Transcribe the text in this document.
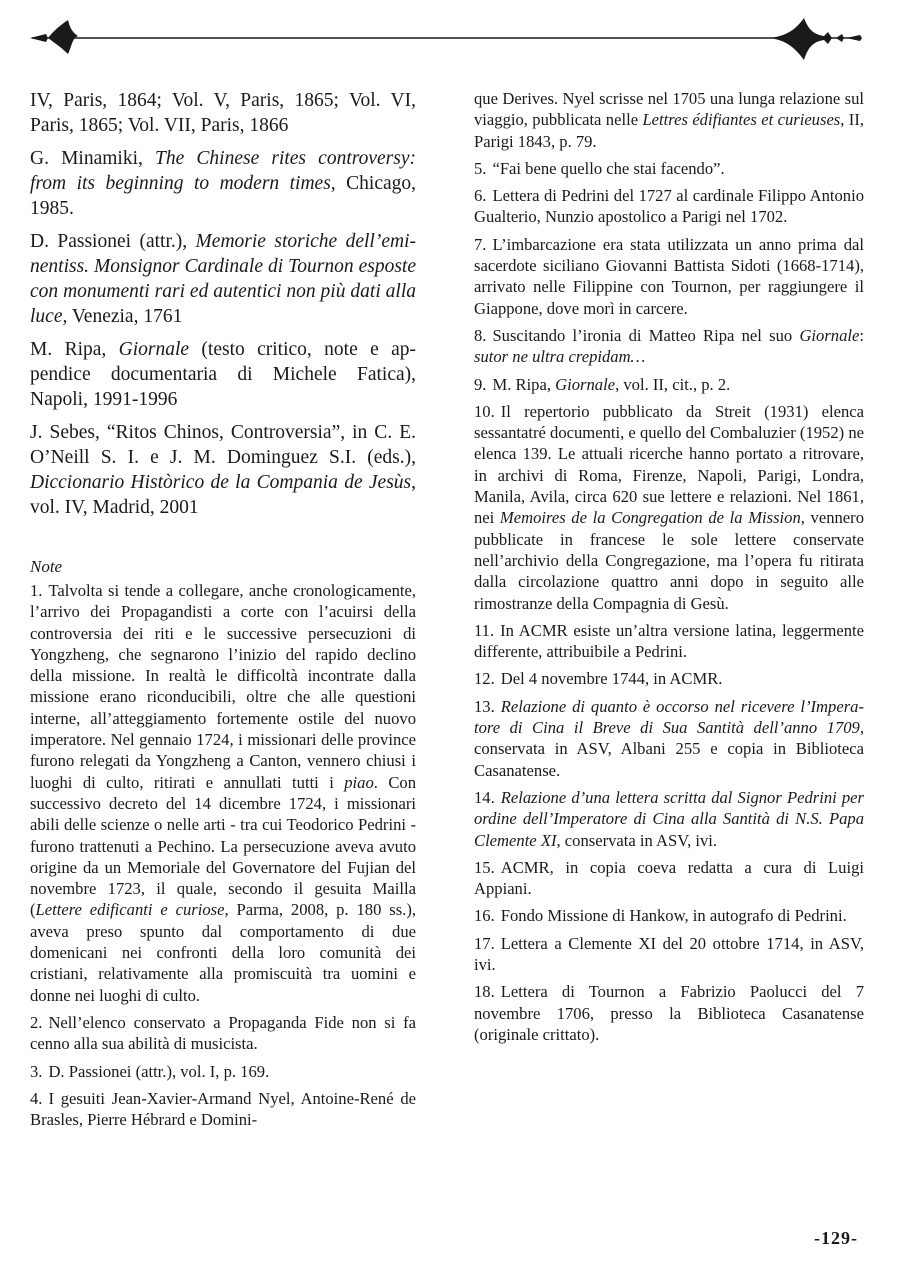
IV, Paris, 1864; Vol. V, Paris, 1865; Vol. VI, Paris, 1865; Vol. VII, Paris, 1866

G. Minamiki, The Chinese rites controversy: from its beginning to modern times, Chicago, 1985.

D. Passionei (attr.), Memorie storiche dell’eminentiss. Monsignor Cardinale di Tournon esposte con monumenti rari ed autentici non più dati alla luce, Venezia, 1761

M. Ripa, Giornale (testo critico, note e appendice documentaria di Michele Fatica), Napoli, 1991-1996

J. Sebes, “Ritos Chinos, Controversia”, in C. E. O’Neill S. I. e J. M. Dominguez S.I. (eds.), Diccionario Històrico de la Compania de Jesùs, vol. IV, Madrid, 2001

Note

1. Talvolta si tende a collegare, anche cronologicamente, l’arrivo dei Propagandisti a corte con l’acuirsi della controversia dei riti e le successive persecuzioni di Yongzheng, che segnarono l’inizio del rapido declino della missione. In realtà le difficoltà incontrate dalla missione erano riconducibili, oltre che alle questioni interne, all’atteggiamento fortemente ostile del nuovo imperatore. Nel gennaio 1724, i missionari delle province furono relegati da Yongzheng a Canton, vennero chiusi i luoghi di culto, ritirati e annullati tutti i piao. Con successivo decreto del 14 dicembre 1724, i missionari abili delle scienze o nelle arti - tra cui Teodorico Pedrini - furono trattenuti a Pechino. La persecuzione aveva avuto origine da un Memoriale del Governatore del Fujian del novembre 1723, il quale, secondo il gesuita Mailla (Lettere edificanti e curiose, Parma, 2008, p. 180 ss.), aveva preso spunto dal comportamento di due domenicani nei confronti della loro comunità dei cristiani, relativamente alla promiscuità tra uomini e donne nei luoghi di culto.

2. Nell’elenco conservato a Propaganda Fide non si fa cenno alla sua abilità di musicista.

3. D. Passionei (attr.), vol. I, p. 169.

4. I gesuiti Jean-Xavier-Armand Nyel, Antoine-René de Brasles, Pierre Hébrard e Domini-

que Derives. Nyel scrisse nel 1705 una lunga relazione sul viaggio, pubblicata nelle Lettres édifiantes et curieuses, II, Parigi 1843, p. 79.

5. “Fai bene quello che stai facendo”.

6. Lettera di Pedrini del 1727 al cardinale Filippo Antonio Gualterio, Nunzio apostolico a Parigi nel 1702.

7. L’imbarcazione era stata utilizzata un anno prima dal sacerdote siciliano Giovanni Battista Sidoti (1668-1714), arrivato nelle Filippine con Tournon, per raggiungere il Giappone, dove morì in carcere.

8. Suscitando l’ironia di Matteo Ripa nel suo Giornale: sutor ne ultra crepidam…

9. M. Ripa, Giornale, vol. II, cit., p. 2.

10. Il repertorio pubblicato da Streit (1931) elenca sessantatré documenti, e quello del Combaluzier (1952) ne elenca 139. Le attuali ricerche hanno portato a ritrovare, in archivi di Roma, Firenze, Napoli, Parigi, Londra, Manila, Avila, circa 620 sue lettere e relazioni. Nel 1861, nei Memoires de la Congregation de la Mission, vennero pubblicate in francese le sole lettere conservate nell’archivio della Congregazione, ma l’opera fu ritirata dalla circolazione quattro anni dopo in seguito alle rimostranze della Compagnia di Gesù.

11. In ACMR esiste un’altra versione latina, leggermente differente, attribuibile a Pedrini.

12. Del 4 novembre 1744, in ACMR.

13. Relazione di quanto è occorso nel ricevere l’Imperatore di Cina il Breve di Sua Santità dell’anno 1709, conservata in ASV, Albani 255 e copia in Biblioteca Casanatense.

14. Relazione d’una lettera scritta dal Signor Pedrini per ordine dell’Imperatore di Cina alla Santità di N.S. Papa Clemente XI, conservata in ASV, ivi.

15. ACMR, in copia coeva redatta a cura di Luigi Appiani.

16. Fondo Missione di Hankow, in autografo di Pedrini.

17. Lettera a Clemente XI del 20 ottobre 1714, in ASV, ivi.

18. Lettera di Tournon a Fabrizio Paolucci del 7 novembre 1706, presso la Biblioteca Casanatense (originale crittato).

-129-
